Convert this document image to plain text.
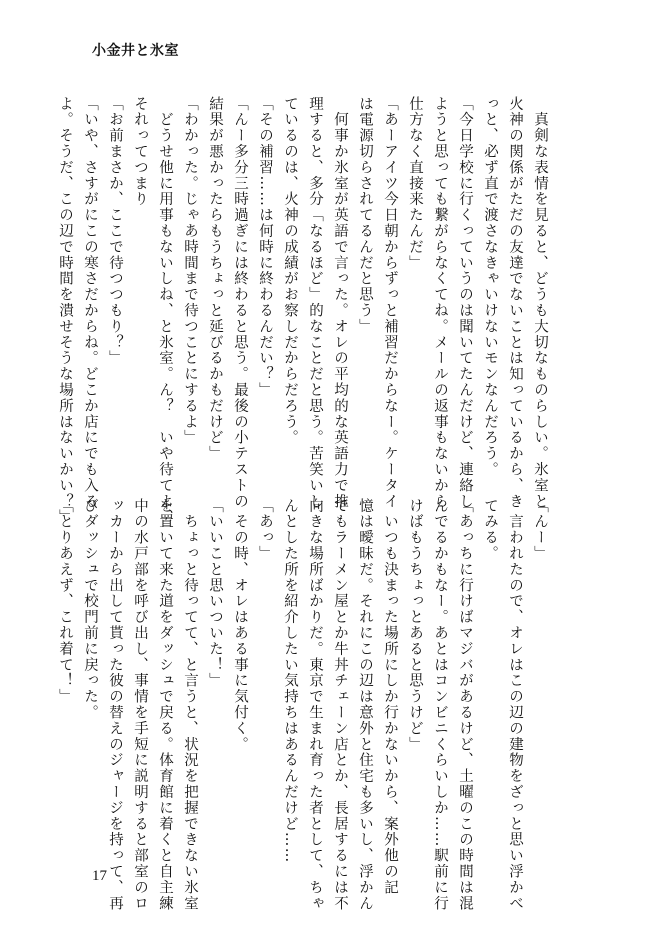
小金井と氷室
　真剣な表情を見ると、どうも大切なものらしい。氷室と
火神の関係がただの友達でないことは知っているから、き
っと、必ず直で渡さなきゃいけないモンなんだろう。
「今日学校に行くっていうのは聞いてたんだけど、連絡し
ようと思っても繋がらなくてね。メールの返事もないから
仕方なく直接来たんだ」
「あーアイツ今日朝からずっと補習だからなー。ケータイ
は電源切らされてるんだと思う」
　何事か氷室が英語で言った。オレの平均的な英語力で推
理すると、多分「なるほど」的なことだと思う。苦笑いし
ているのは、火神の成績がお察しだからだろう。
「その補習……は何時に終わるんだい？」
「んー多分三時過ぎには終わると思う。最後の小テストの
結果が悪かったらもうちょっと延びるかもだけど」
「わかった。じゃあ時間まで待つことにするよ」
　どうせ他に用事もないしね、と氷室。ん？　いや待てよ、
それってつまり
「お前まさか、ここで待つつもり？」
「いや、さすがにこの寒さだからね。どこか店にでも入る
よ。そうだ、この辺で時間を潰せそうな場所はないかい？」
「んー」
　言われたので、オレはこの辺の建物をざっと思い浮かべ
てみる。
「あっちに行けばマジバがあるけど、土曜のこの時間は混
んでるかもなー。あとはコンビニくらいしか……駅前に行
けばもうちょっとあると思うけど」
　いつも決まった場所にしか行かないから、案外他の記
憶は曖昧だ。それにこの辺は意外と住宅も多いし、浮かん
でもラーメン屋とか牛丼チェーン店とか、長居するには不
向きな場所ばかりだ。東京で生まれ育った者として、ちゃ
んとした所を紹介したい気持ちはあるんだけど……
「あっ」
　その時、オレはある事に気付く。
「いいこと思いついた！」
　ちょっと待ってて、と言うと、状況を把握できない氷室
を置いて来た道をダッシュで戻る。体育館に着くと自主練
中の水戸部を呼び出し、事情を手短に説明すると部室のロ
ッカーから出して貰った彼の替えのジャージを持って、再
びダッシュで校門前に戻った。
「とりあえず、これ着て！」
17
